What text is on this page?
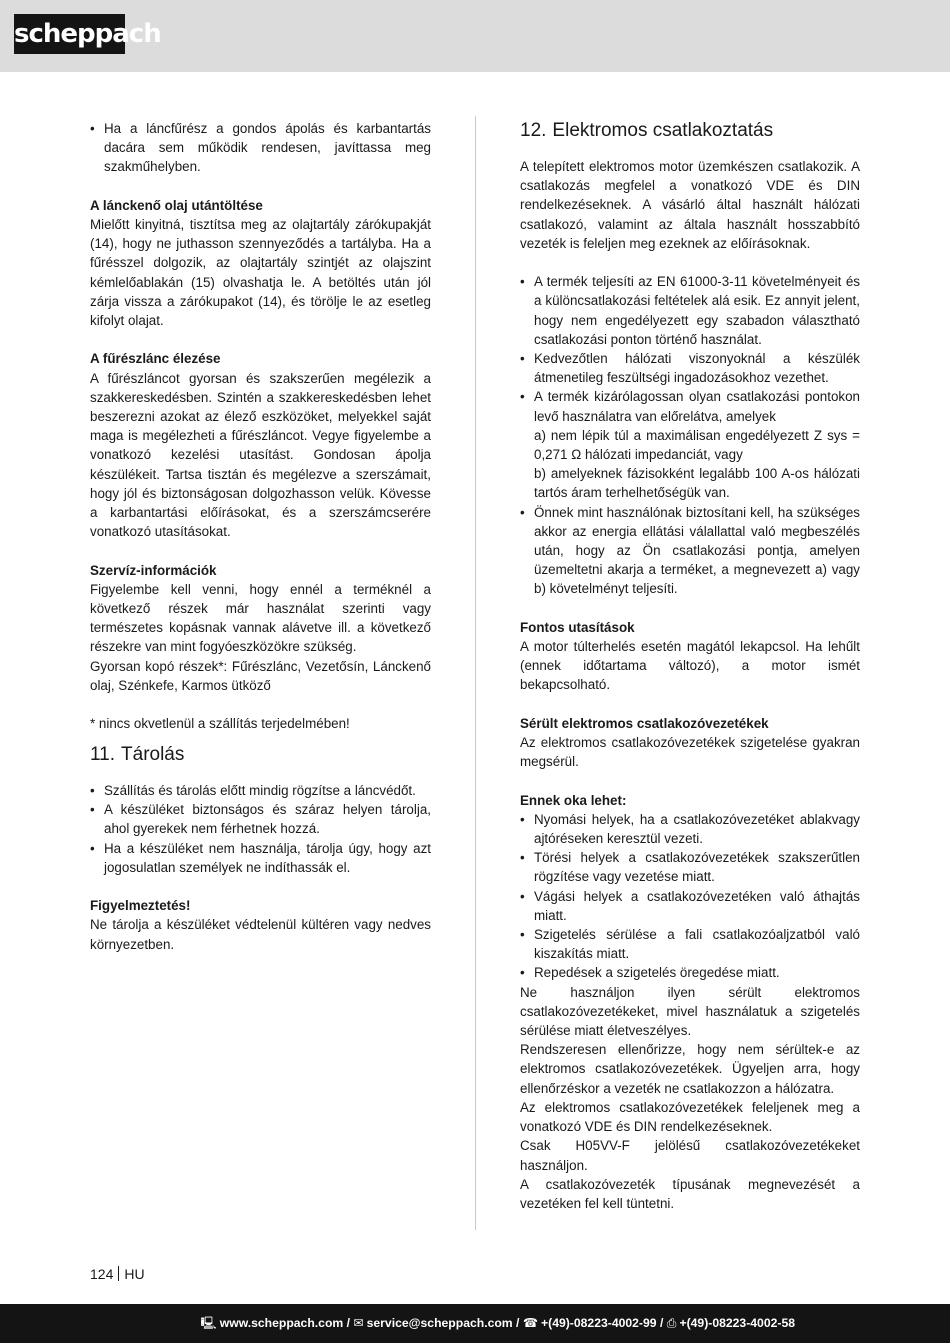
scheppach
• Ha a láncfűrész a gondos ápolás és karbantartás dacára sem működik rendesen, javíttassa meg szakműhelyben.
A lánckenő olaj utántöltése

Mielőtt kinyitná, tisztítsa meg az olajtartály zárókupakját (14), hogy ne juthasson szennyeződés a tartályba. Ha a fűrésszel dolgozik, az olajtartály szintjét az olajszint kémlelőablakán (15) olvashatja le. A betöltés után jól zárja vissza a zárókupakot (14), és törölje le az esetleg kifolyt olajat.

A fűrészlánc élezése

A fűrészláncot gyorsan és szakszerűen megélezik a szakkereskedésben. Szintén a szakkereskedésben lehet beszerezni azokat az élező eszközöket, melyekkel saját maga is megélezheti a fűrészláncot. Vegye figyelembe a vonatkozó kezelési utasítást. Gondosan ápolja készülékeit. Tartsa tisztán és megélezve a szerszámait, hogy jól és biztonságosan dolgozhasson velük. Kövesse a karbantartási előírásokat, és a szerszámcserére vonatkozó utasításokat.

Szervíz-információk

Figyelembe kell venni, hogy ennél a terméknél a következő részek már használat szerinti vagy természetes kopásnak vannak alávetve ill. a következő részekre van mint fogyóeszközökre szükség.

Gyorsan kopó részek*: Fűrészlánc, Vezetősín, Lánckenő olaj, Szénkefe, Karmos ütköző

* nincs okvetlenül a szállítás terjedelmében!

11. Tárolás
• Szállítás és tárolás előtt mindig rögzítse a láncvédőt.
• A készüléket biztonságos és száraz helyen tárolja, ahol gyerekek nem férhetnek hozzá.
• Ha a készüléket nem használja, tárolja úgy, hogy azt jogosulatlan személyek ne indíthassák el.
Figyelmeztetés!

Ne tárolja a készüléket védtelenül kültéren vagy nedves környezetben.

12. Elektromos csatlakoztatás

A telepített elektromos motor üzemkészen csatlakozik. A csatlakozás megfelel a vonatkozó VDE és DIN rendelkezéseknek. A vásárló által használt hálózati csatlakozó, valamint az általa használt hosszabbító vezeték is feleljen meg ezeknek az előírásoknak.

• A termék teljesíti az EN 61000-3-11 követelményeit és a különcsatlakozási feltételek alá esik. Ez annyit jelent, hogy nem engedélyezett egy szabadon választható csatlakozási ponton történő használat.
• Kedvezőtlen hálózati viszonyoknál a készülék átmenetileg feszültségi ingadozásokhoz vezethet.
• A termék kizárólagossan olyan csatlakozási pontokon levő használatra van előrelátva, amelyek
a) nem lépik túl a maximálisan engedélyezett Z sys = 0,271 Ω hálózati impedanciát, vagy
b) amelyeknek fázisokként legalább 100 A-os hálózati tartós áram terhelhetőségük van.
• Önnek mint használónak biztosítani kell, ha szükséges akkor az energia ellátási válallattal való megbeszélés után, hogy az Ön csatlakozási pontja, amelyen üzemeltetni akarja a terméket, a megnevezett a) vagy b) követelményt teljesíti.
Fontos utasítások

A motor túlterhelés esetén magától lekapcsol. Ha lehűlt (ennek időtartama változó), a motor ismét bekapcsolható.

Sérült elektromos csatlakozóvezetékek

Az elektromos csatlakozóvezetékek szigetelése gyakran megsérül.

Ennek oka lehet:
• Nyomási helyek, ha a csatlakozóvezetéket ablakvagy ajtóréseken keresztül vezeti.
• Törési helyek a csatlakozóvezetékek szakszerűtlen rögzítése vagy vezetése miatt.
• Vágási helyek a csatlakozóvezetéken való áthajtás miatt.
• Szigetelés sérülése a fali csatlakozóaljzatból való kiszakítás miatt.
• Repedések a szigetelés öregedése miatt.

Ne használjon ilyen sérült elektromos csatlakozóvezetékeket, mivel használatuk a szigetelés sérülése miatt életveszélyes.

Rendszeresen ellenőrizze, hogy nem sérültek-e az elektromos csatlakozóvezetékek. Ügyeljen arra, hogy ellenőrzéskor a vezeték ne csatlakozzon a hálózatra.

Az elektromos csatlakozóvezetékek feleljenek meg a vonatkozó VDE és DIN rendelkezéseknek.

Csak H05VV-F jelölésű csatlakozóvezetékeket használjon.

A csatlakozóvezeték típusának megnevezését a vezetéken fel kell tüntetni.

124 HU
🖳 www.scheppach.com / ✉ service@scheppach.com / ☎ +(49)-08223-4002-99 / ⎙ +(49)-08223-4002-58
